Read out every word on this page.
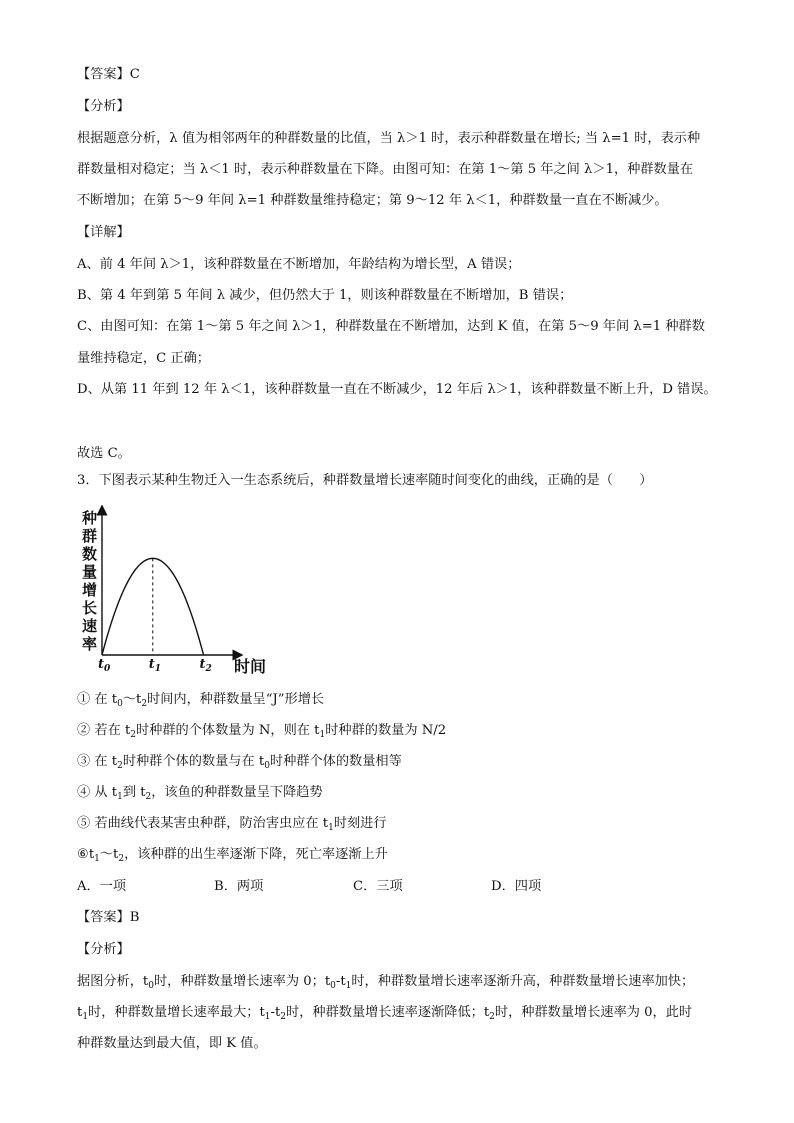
【答案】C
【分析】
根据题意分析，λ 值为相邻两年的种群数量的比值，当 λ＞1 时，表示种群数量在增长; 当 λ=1 时，表示种
群数量相对稳定；当 λ＜1 时，表示种群数量在下降。由图可知：在第 1～第 5 年之间 λ＞1，种群数量在
不断增加；在第 5～9 年间 λ=1 种群数量维持稳定；第 9～12 年 λ＜1，种群数量一直在不断减少。
【详解】
A、前 4 年间 λ＞1，该种群数量在不断增加，年龄结构为增长型，A 错误；
B、第 4 年到第 5 年间 λ 减少，但仍然大于 1，则该种群数量在不断增加，B 错误；
C、由图可知：在第 1～第 5 年之间 λ＞1，种群数量在不断增加，达到 K 值，在第 5～9 年间 λ=1 种群数
量维持稳定，C 正确；
D、从第 11 年到 12 年 λ＜1，该种群数量一直在不断减少，12 年后 λ＞1，该种群数量不断上升，D 错误。
故选 C。
3．下图表示某种生物迁入一生态系统后，种群数量增长速率随时间变化的曲线，正确的是（　　）
种
群
数
量
增
长
速
率
$t_0$	$t_1$	$t_2$ 时间
① 在 $t_0\sim t_2$时间内，种群数量呈“J”形增长
② 若在 $t_2$时种群的个体数量为 N，则在 $t_1$时种群的数量为 N/2
③ 在 $t_2$时种群个体的数量与在 $t_0$时种群个体的数量相等
④ 从 $t_1$到 $t_2$，该鱼的种群数量呈下降趋势
⑤ 若曲线代表某害虫种群，防治害虫应在 $t_1$时刻进行
$⑥t_1\sim t_2$，该种群的出生率逐渐下降，死亡率逐渐上升
A．一项	B．两项	C．三项	D．四项
【答案】B
【分析】
据图分析，$t_0$时，种群数量增长速率为 0；$t_0-t_1$时，种群数量增长速率逐渐升高，种群数量增长速率加快；
$t_1$时，种群数量增长速率最大；$t_1-t_2$时，种群数量增长速率逐渐降低；$t_2$时，种群数量增长速率为 0，此时
种群数量达到最大值，即 K 值。
